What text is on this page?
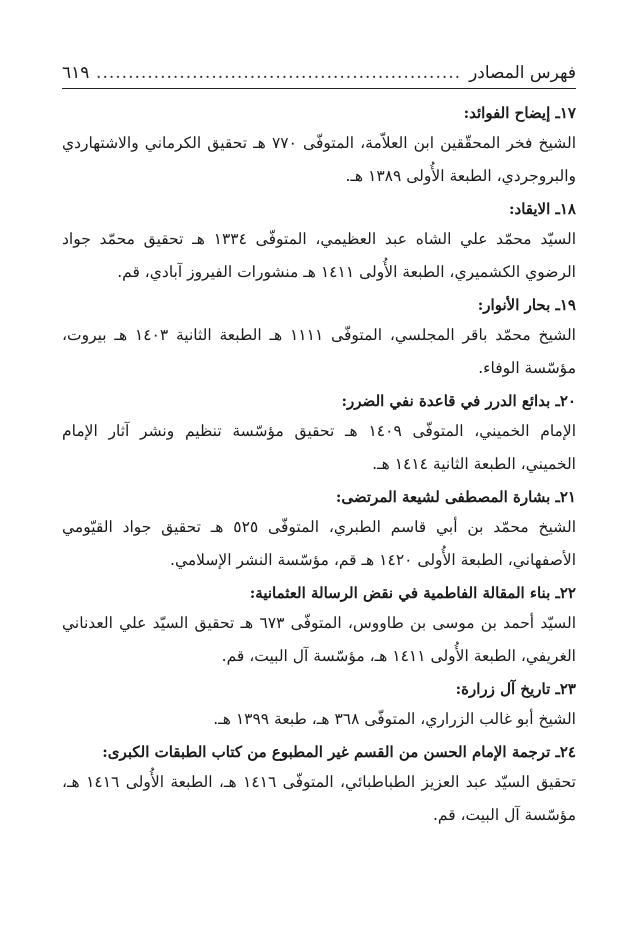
فهرس المصادر
.....
٦١٩

١٧ـ إيضاح الفوائد:

الشيخ فخر المحقّقين ابن العلاّمة، المتوفّى ٧٧٠ هـ تحقيق الكرماني والاشتهاردي والبروجردي، الطبعة الأُولى ١٣٨٩ هـ.

١٨ـ الايقاد:

السيّد محمّد علي الشاه عبد العظيمي، المتوفّى ١٣٣٤ هـ تحقيق محمّد جواد الرضوي الكشميري، الطبعة الأُولى ١٤١١ هـ منشورات الفيروز آبادي، قم.

١٩ـ بحار الأنوار:

الشيخ محمّد باقر المجلسي، المتوفّى ١١١١ هـ الطبعة الثانية ١٤٠٣ هـ بيروت، مؤسّسة الوفاء.

٢٠ـ بدائع الدرر في قاعدة نفي الضرر:

الإمام الخميني، المتوفّى ١٤٠٩ هـ تحقيق مؤسّسة تنظيم ونشر آثار الإمام الخميني، الطبعة الثانية ١٤١٤ هـ.

٢١ـ بشارة المصطفى لشيعة المرتضى:

الشيخ محمّد بن أبي قاسم الطبري، المتوفّى ٥٢٥ هـ تحقيق جواد القيّومي الأصفهاني، الطبعة الأُولى ١٤٢٠ هـ قم، مؤسّسة النشر الإسلامي.

٢٢ـ بناء المقالة الفاطمية في نقض الرسالة العثمانية:

السيّد أحمد بن موسى بن طاووس، المتوفّى ٦٧٣ هـ تحقيق السيّد علي العدناني الغريفي، الطبعة الأُولى ١٤١١ هـ، مؤسّسة آل البيت، قم.

٢٣ـ تاريخ آل زرارة:

الشيخ أبو غالب الزراري، المتوفّى ٣٦٨ هـ، طبعة ١٣٩٩ هـ.

٢٤ـ ترجمة الإمام الحسن من القسم غير المطبوع من كتاب الطبقات الكبرى:

تحقيق السيّد عبد العزيز الطباطبائي، المتوفّى ١٤١٦ هـ، الطبعة الأُولى ١٤١٦ هـ، مؤسّسة آل البيت، قم.
